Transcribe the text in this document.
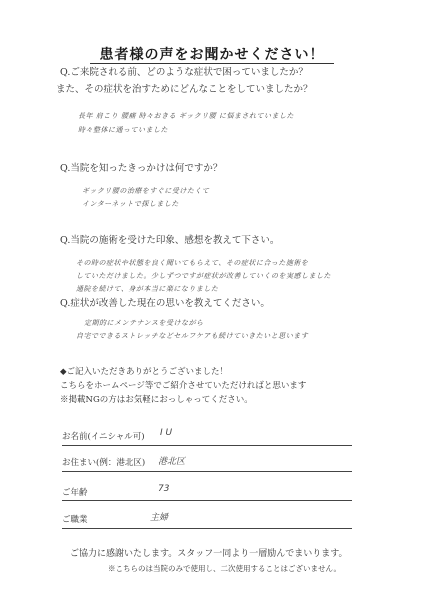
患者様の声をお聞かせください！
Q.ご来院される前、どのような症状で困っていましたか？
また、その症状を治すためにどんなことをしていましたか？
長年 肩こり 腰痛 時々おきる ギックリ腰 に悩まされていました
時々整体に通っていました
Q.当院を知ったきっかけは何ですか？
ギックリ腰の治療をすぐに受けたくて
インターネットで探しました
Q.当院の施術を受けた印象、感想を教えて下さい。
その時の症状や状態を良く聞いてもらえて、その症状に合った施術を
していただけました。少しずつですが症状が改善していくのを実感しました
通院を続けて、身が本当に楽になりました
Q.症状が改善した現在の思いを教えてください。
定期的にメンテナンスを受けながら
自宅でできるストレッチなどセルフケアも続けていきたいと思います
◆ご記入いただきありがとうございました！
こちらをホームページ等でご紹介させていただければと思います
※掲載NGの方はお気軽におっしゃってください。
お名前(イニシャル可) I U
お住まい(例：港北区) 港北区
ご年齢	73
ご職業	主婦
ご協力に感謝いたします。スタッフ一同より一層励んでまいります。
※こちらのは当院のみで使用し、二次使用することはございません。
